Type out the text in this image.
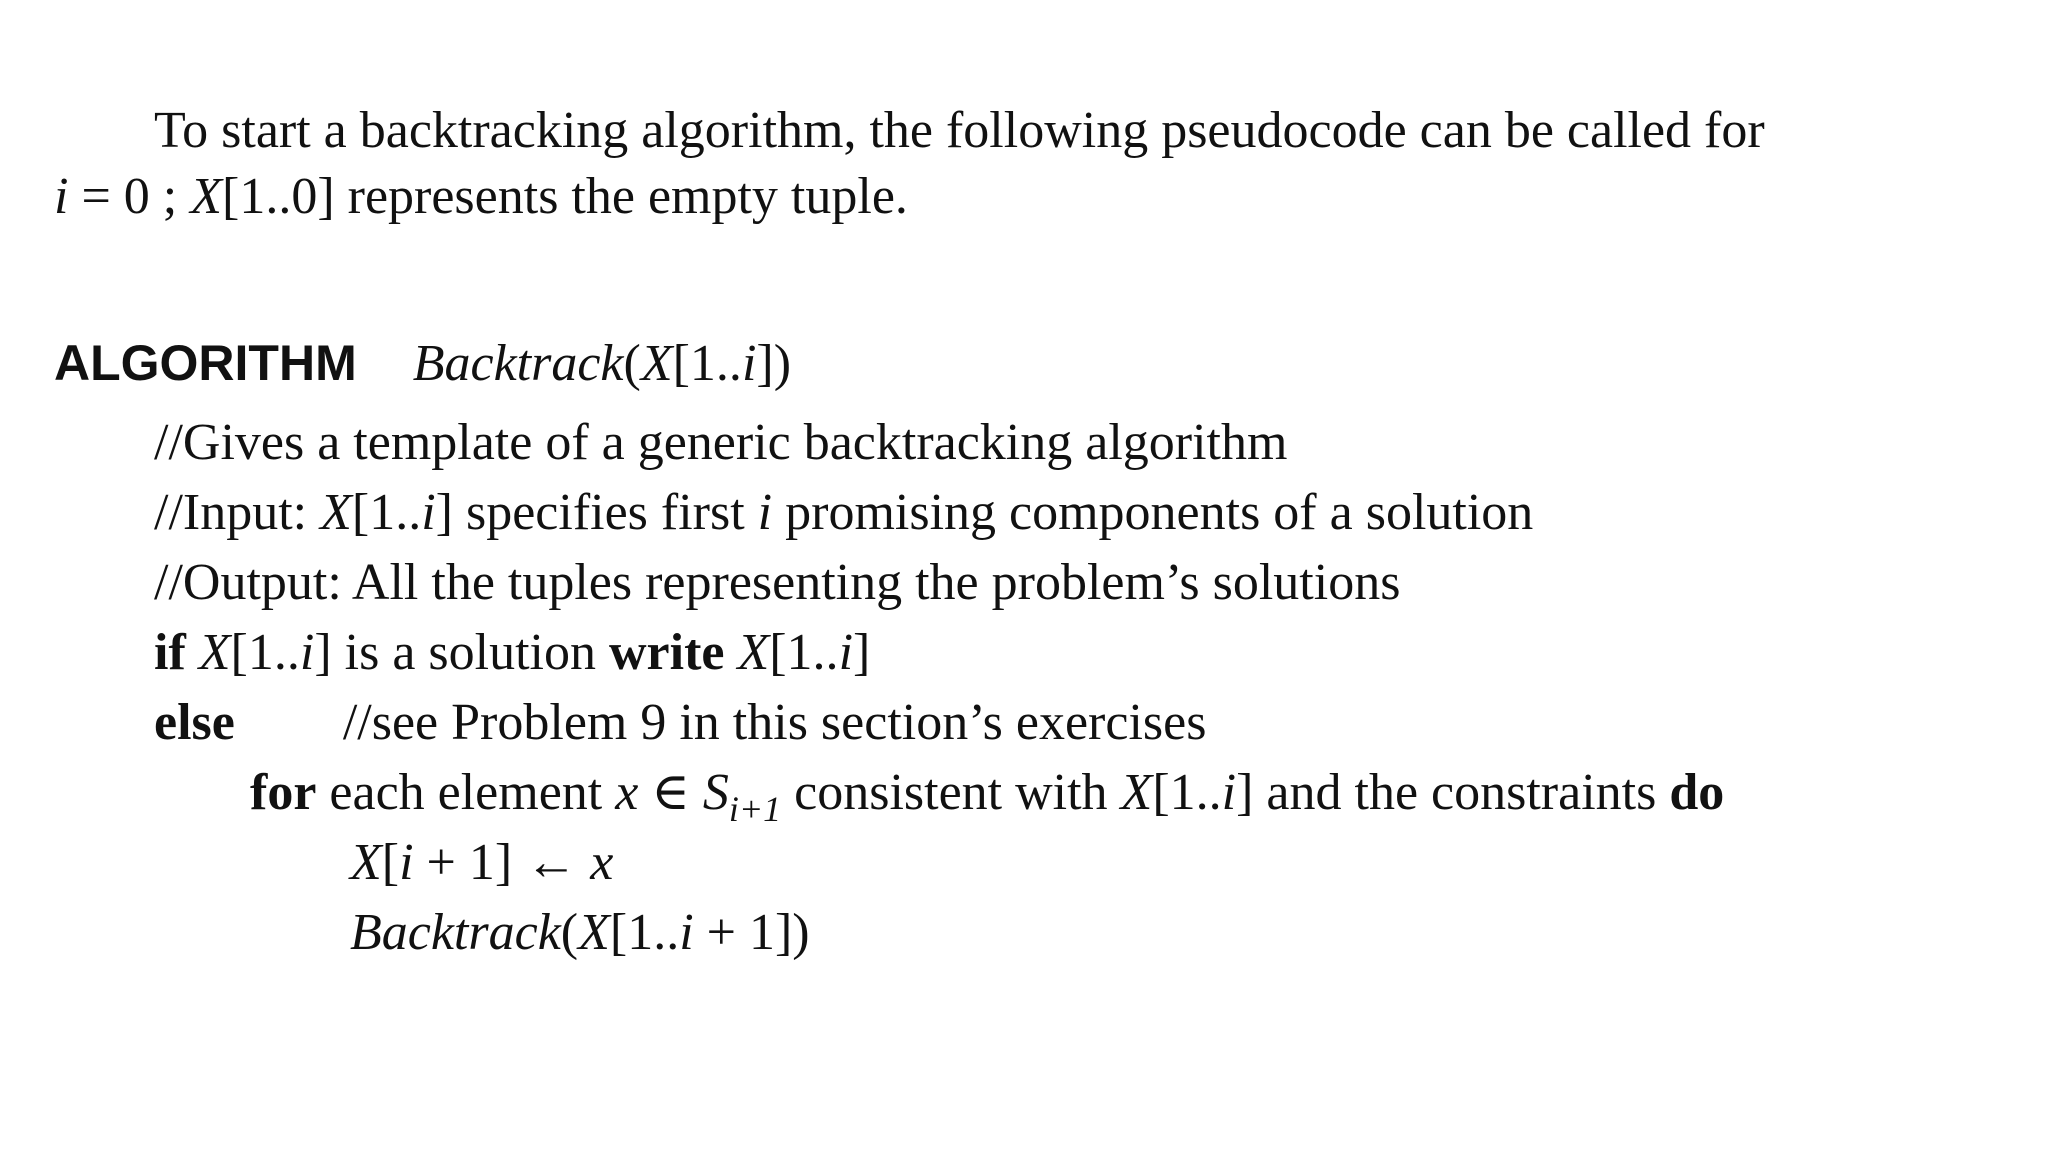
To start a backtracking algorithm, the following pseudocode can be called for
i = 0 ; X[1..0] represents the empty tuple.
ALGORITHM Backtrack(X[1..i])
//Gives a template of a generic backtracking algorithm
//Input: X[1..i] specifies first i promising components of a solution
//Output: All the tuples representing the problem’s solutions
if X[1..i] is a solution write X[1..i]
else //see Problem 9 in this section’s exercises
for each element x ∈ $S_{i+1}$ consistent with X[1..i] and the constraints do
X[i + 1] ← x
Backtrack(X[1..i + 1])
